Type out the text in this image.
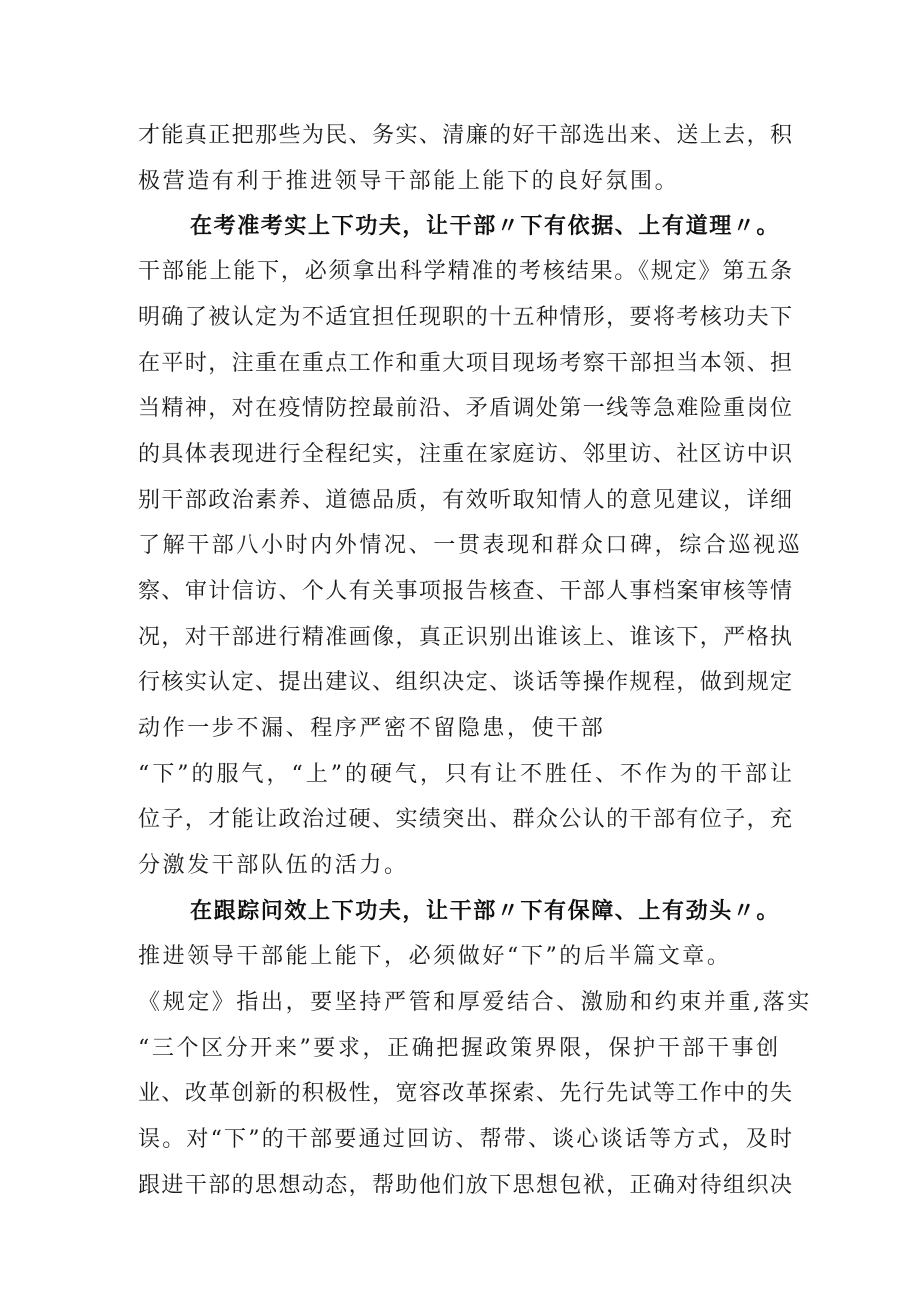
才能真正把那些为民、务实、清廉的好干部选出来、送上去，积
极营造有利于推进领导干部能上能下的良好氛围。
在考准考实上下功夫，让干部〃下有依据、上有道理〃。
干部能上能下，必须拿出科学精准的考核结果。《规定》第五条
明确了被认定为不适宜担任现职的十五种情形，要将考核功夫下
在平时，注重在重点工作和重大项目现场考察干部担当本领、担
当精神，对在疫情防控最前沿、矛盾调处第一线等急难险重岗位
的具体表现进行全程纪实，注重在家庭访、邻里访、社区访中识
别干部政治素养、道德品质，有效听取知情人的意见建议，详细
了解干部八小时内外情况、一贯表现和群众口碑，综合巡视巡
察、审计信访、个人有关事项报告核查、干部人事档案审核等情
况，对干部进行精准画像，真正识别出谁该上、谁该下，严格执
行核实认定、提出建议、组织决定、谈话等操作规程，做到规定
动作一步不漏、程序严密不留隐患，使干部
“下”的服气，“上”的硬气，只有让不胜任、不作为的干部让
位子，才能让政治过硬、实绩突出、群众公认的干部有位子，充
分激发干部队伍的活力。
在跟踪问效上下功夫，让干部〃下有保障、上有劲头〃。
推进领导干部能上能下，必须做好“下”的后半篇文章。
《规定》指出，要坚持严管和厚爱结合、激励和约束并重,落实
“三个区分开来”要求，正确把握政策界限，保护干部干事创
业、改革创新的积极性，宽容改革探索、先行先试等工作中的失
误。对“下”的干部要通过回访、帮带、谈心谈话等方式，及时
跟进干部的思想动态，帮助他们放下思想包袱，正确对待组织决
